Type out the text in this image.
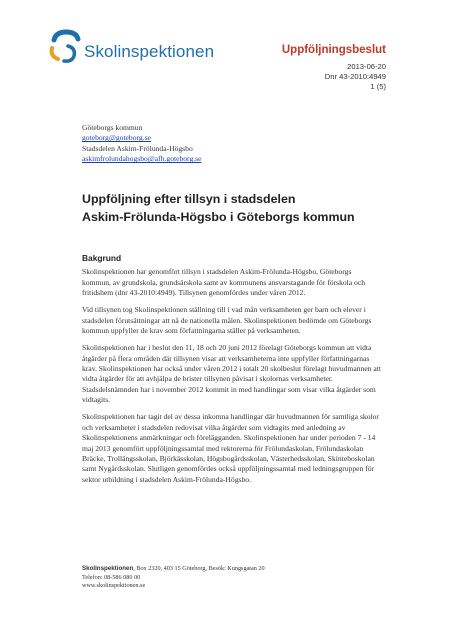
Skolinspektionen	Uppföljningsbeslut
2013-06-20
Dnr 43-2010:4949
1 (5)
Göteborgs kommun
goteborg@goteborg.se
Stadsdelen Askim-Frölunda-Högsbo
askimfrolundahogsbo@afh.goteborg.se
Uppföljning efter tillsyn i stadsdelen
Askim-Frölunda-Högsbo i Göteborgs kommun
Bakgrund

Skolinspektionen har genomfört tillsyn i stadsdelen Askim-Frölunda-Högsbo, Göteborgs kommun, av grundskola, grundsärskola samt av kommunens ansvarstagande för förskola och fritidshem (dnr 43-2010:4949). Tillsynen genomfördes under våren 2012.

Vid tillsynen tog Skolinspektionen ställning till i vad mån verksamheten ger barn och elever i stadsdelen förutsättningar att nå de nationella målen. Skolinspektionen bedömde om Göteborgs kommun uppfyller de krav som författningarna ställer på verksamheten.

Skolinspektionen har i beslut den 11, 18 och 20 juni 2012 förelagt Göteborgs kommun att vidta åtgärder på flera områden där tillsynen visar att verksamheterna inte uppfyller författningarnas krav. Skolinspektionen har också under våren 2012 i totalt 20 skolbeslut förelagt huvudmannen att vidta åtgärder för att avhjälpa de brister tillsynen påvisat i skolornas verksamheter. Stadsdelsnämnden har i november 2012 kommit in med handlingar som visar vilka åtgärder som vidtagits.

Skolinspektionen har tagit del av dessa inkomna handlingar där huvudmannen för samtliga skolor och verksamheter i stadsdelen redovisat vilka åtgärder som vidtagits med anledning av Skolinspektionens anmärkningar och förelägganden. Skolinspektionen har under perioden 7 - 14 maj 2013 genomfört uppföljningssamtal med rektorerna för Frölundaskolan, Frölundaskolan Bräcke, Trollängsskolan, Björkäs​skolan, Högsbogårdsskolan, Västerhedsskolan, Skintebo​skolan samt Nygårdsskolan. Slutligen genomfördes också uppföljningssamtal med ledningsgruppen för sektor utbildning i stadsdelen Askim-Frölunda-Högsbo.

Skolinspektionen, Box 2320, 403 15 Göteborg, Besök: Kungsgatan 20
Telefon: 08-586 080 00
www.skolinspektionen.se
